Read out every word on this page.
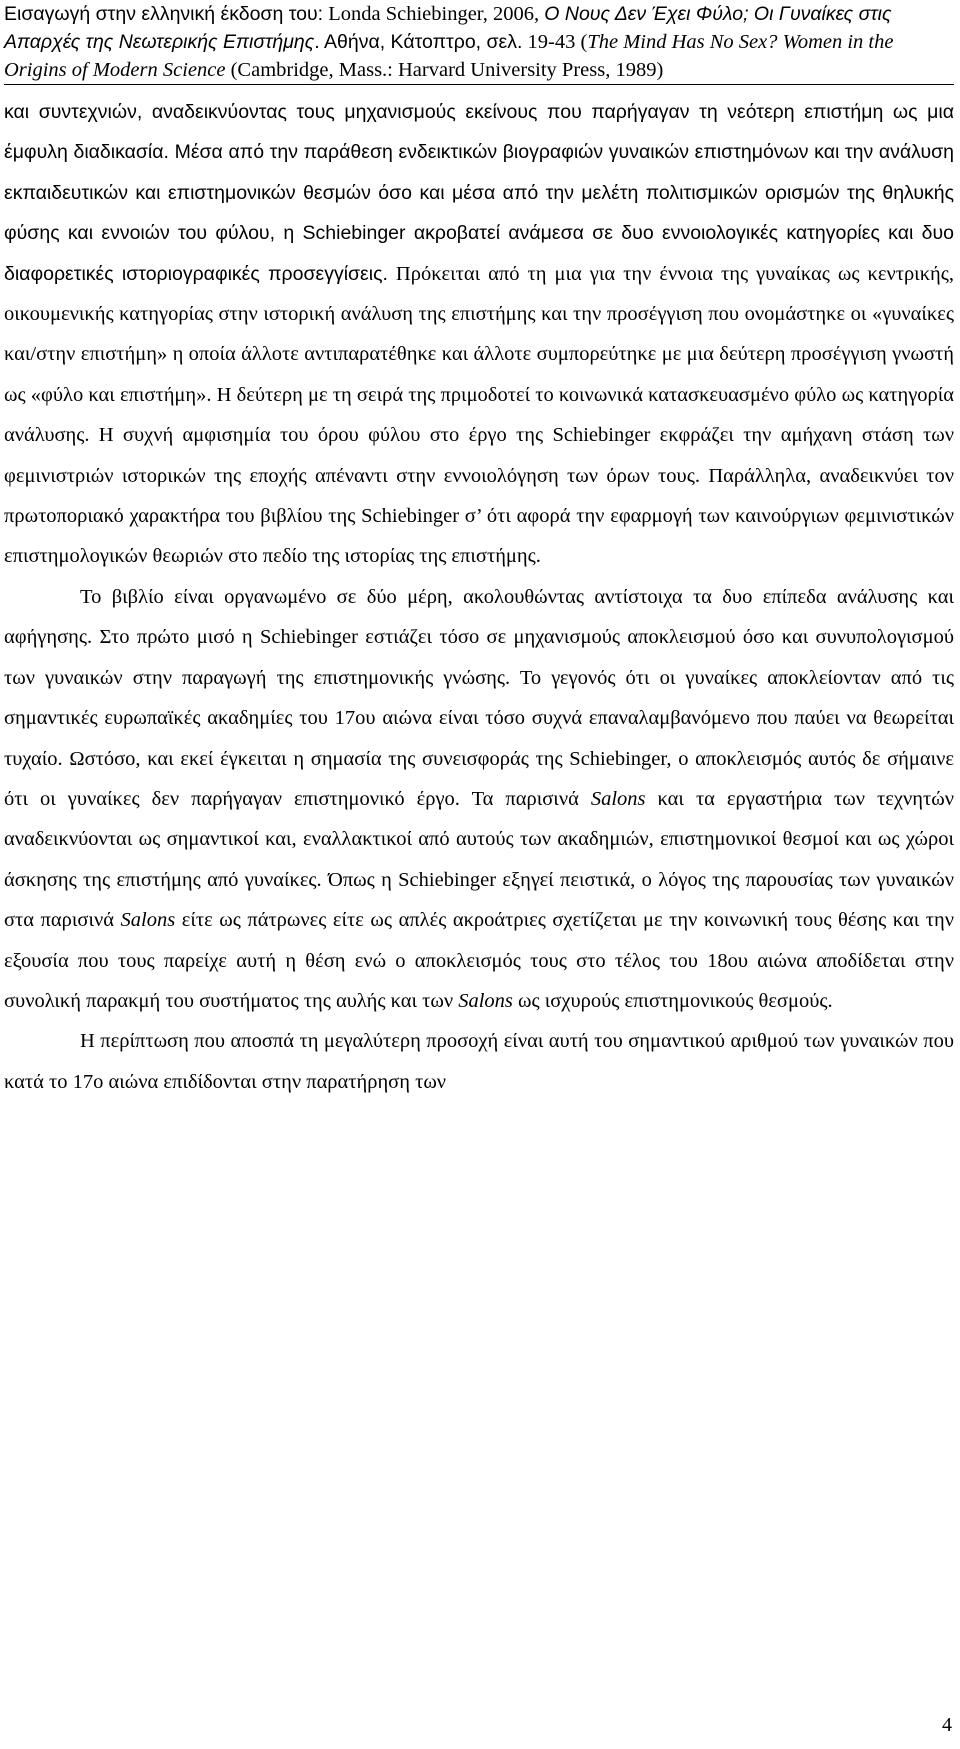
Εισαγωγή στην ελληνική έκδοση του: Londa Schiebinger, 2006, Ο Νους Δεν Έχει Φύλο; Οι Γυναίκες στις Απαρχές της Νεωτερικής Επιστήμης. Αθήνα, Κάτοπτρο, σελ. 19-43 (The Mind Has No Sex? Women in the Origins of Modern Science (Cambridge, Mass.: Harvard University Press, 1989)

και συντεχνιών, αναδεικνύοντας τους μηχανισμούς εκείνους που παρήγαγαν τη νεότερη επιστήμη ως μια έμφυλη διαδικασία. Μέσα από την παράθεση ενδεικτικών βιογραφιών γυναικών επιστημόνων και την ανάλυση εκπαιδευτικών και επιστημονικών θεσμών όσο και μέσα από την μελέτη πολιτισμικών ορισμών της θηλυκής φύσης και εννοιών του φύλου, η Schiebinger ακροβατεί ανάμεσα σε δυο εννοιολογικές κατηγορίες και δυο διαφορετικές ιστοριογραφικές προσεγγίσεις. Πρόκειται από τη μια για την έννοια της γυναίκας ως κεντρικής, οικουμενικής κατηγορίας στην ιστορική ανάλυση της επιστήμης και την προσέγγιση που ονομάστηκε οι «γυναίκες και/στην επιστήμη» η οποία άλλοτε αντιπαρατέθηκε και άλλοτε συμπορεύτηκε με μια δεύτερη προσέγγιση γνωστή ως «φύλο και επιστήμη». Η δεύτερη με τη σειρά της πριμοδοτεί το κοινωνικά κατασκευασμένο φύλο ως κατηγορία ανάλυσης. Η συχνή αμφισημία του όρου φύλου στο έργο της Schiebinger εκφράζει την αμήχανη στάση των φεμινιστριών ιστορικών της εποχής απέναντι στην εννοιολόγηση των όρων τους. Παράλληλα, αναδεικνύει τον πρωτοποριακό χαρακτήρα του βιβλίου της Schiebinger σ’ ότι αφορά την εφαρμογή των καινούργιων φεμινιστικών επιστημολογικών θεωριών στο πεδίο της ιστορίας της επιστήμης.

Το βιβλίο είναι οργανωμένο σε δύο μέρη, ακολουθώντας αντίστοιχα τα δυο επίπεδα ανάλυσης και αφήγησης. Στο πρώτο μισό η Schiebinger εστιάζει τόσο σε μηχανισμούς αποκλεισμού όσο και συνυπολογισμού των γυναικών στην παραγωγή της επιστημονικής γνώσης. Το γεγονός ότι οι γυναίκες αποκλείονταν από τις σημαντικές ευρωπαϊκές ακαδημίες του 17ου αιώνα είναι τόσο συχνά επαναλαμβανόμενο που παύει να θεωρείται τυχαίο. Ωστόσο, και εκεί έγκειται η σημασία της συνεισφοράς της Schiebinger, ο αποκλεισμός αυτός δε σήμαινε ότι οι γυναίκες δεν παρήγαγαν επιστημονικό έργο. Τα παρισινά Salons και τα εργαστήρια των τεχνητών αναδεικνύονται ως σημαντικοί και, εναλλακτικοί από αυτούς των ακαδημιών, επιστημονικοί θεσμοί και ως χώροι άσκησης της επιστήμης από γυναίκες. Όπως η Schiebinger εξηγεί πειστικά, ο λόγος της παρουσίας των γυναικών στα παρισινά Salons είτε ως πάτρωνες είτε ως απλές ακροάτριες σχετίζεται με την κοινωνική τους θέσης και την εξουσία που τους παρείχε αυτή η θέση ενώ ο αποκλεισμός τους στο τέλος του 18ου αιώνα αποδίδεται στην συνολική παρακμή του συστήματος της αυλής και των Salons ως ισχυρούς επιστημονικούς θεσμούς.

Η περίπτωση που αποσπά τη μεγαλύτερη προσοχή είναι αυτή του σημαντικού αριθμού των γυναικών που κατά το 17ο αιώνα επιδίδονται στην παρατήρηση των

4
